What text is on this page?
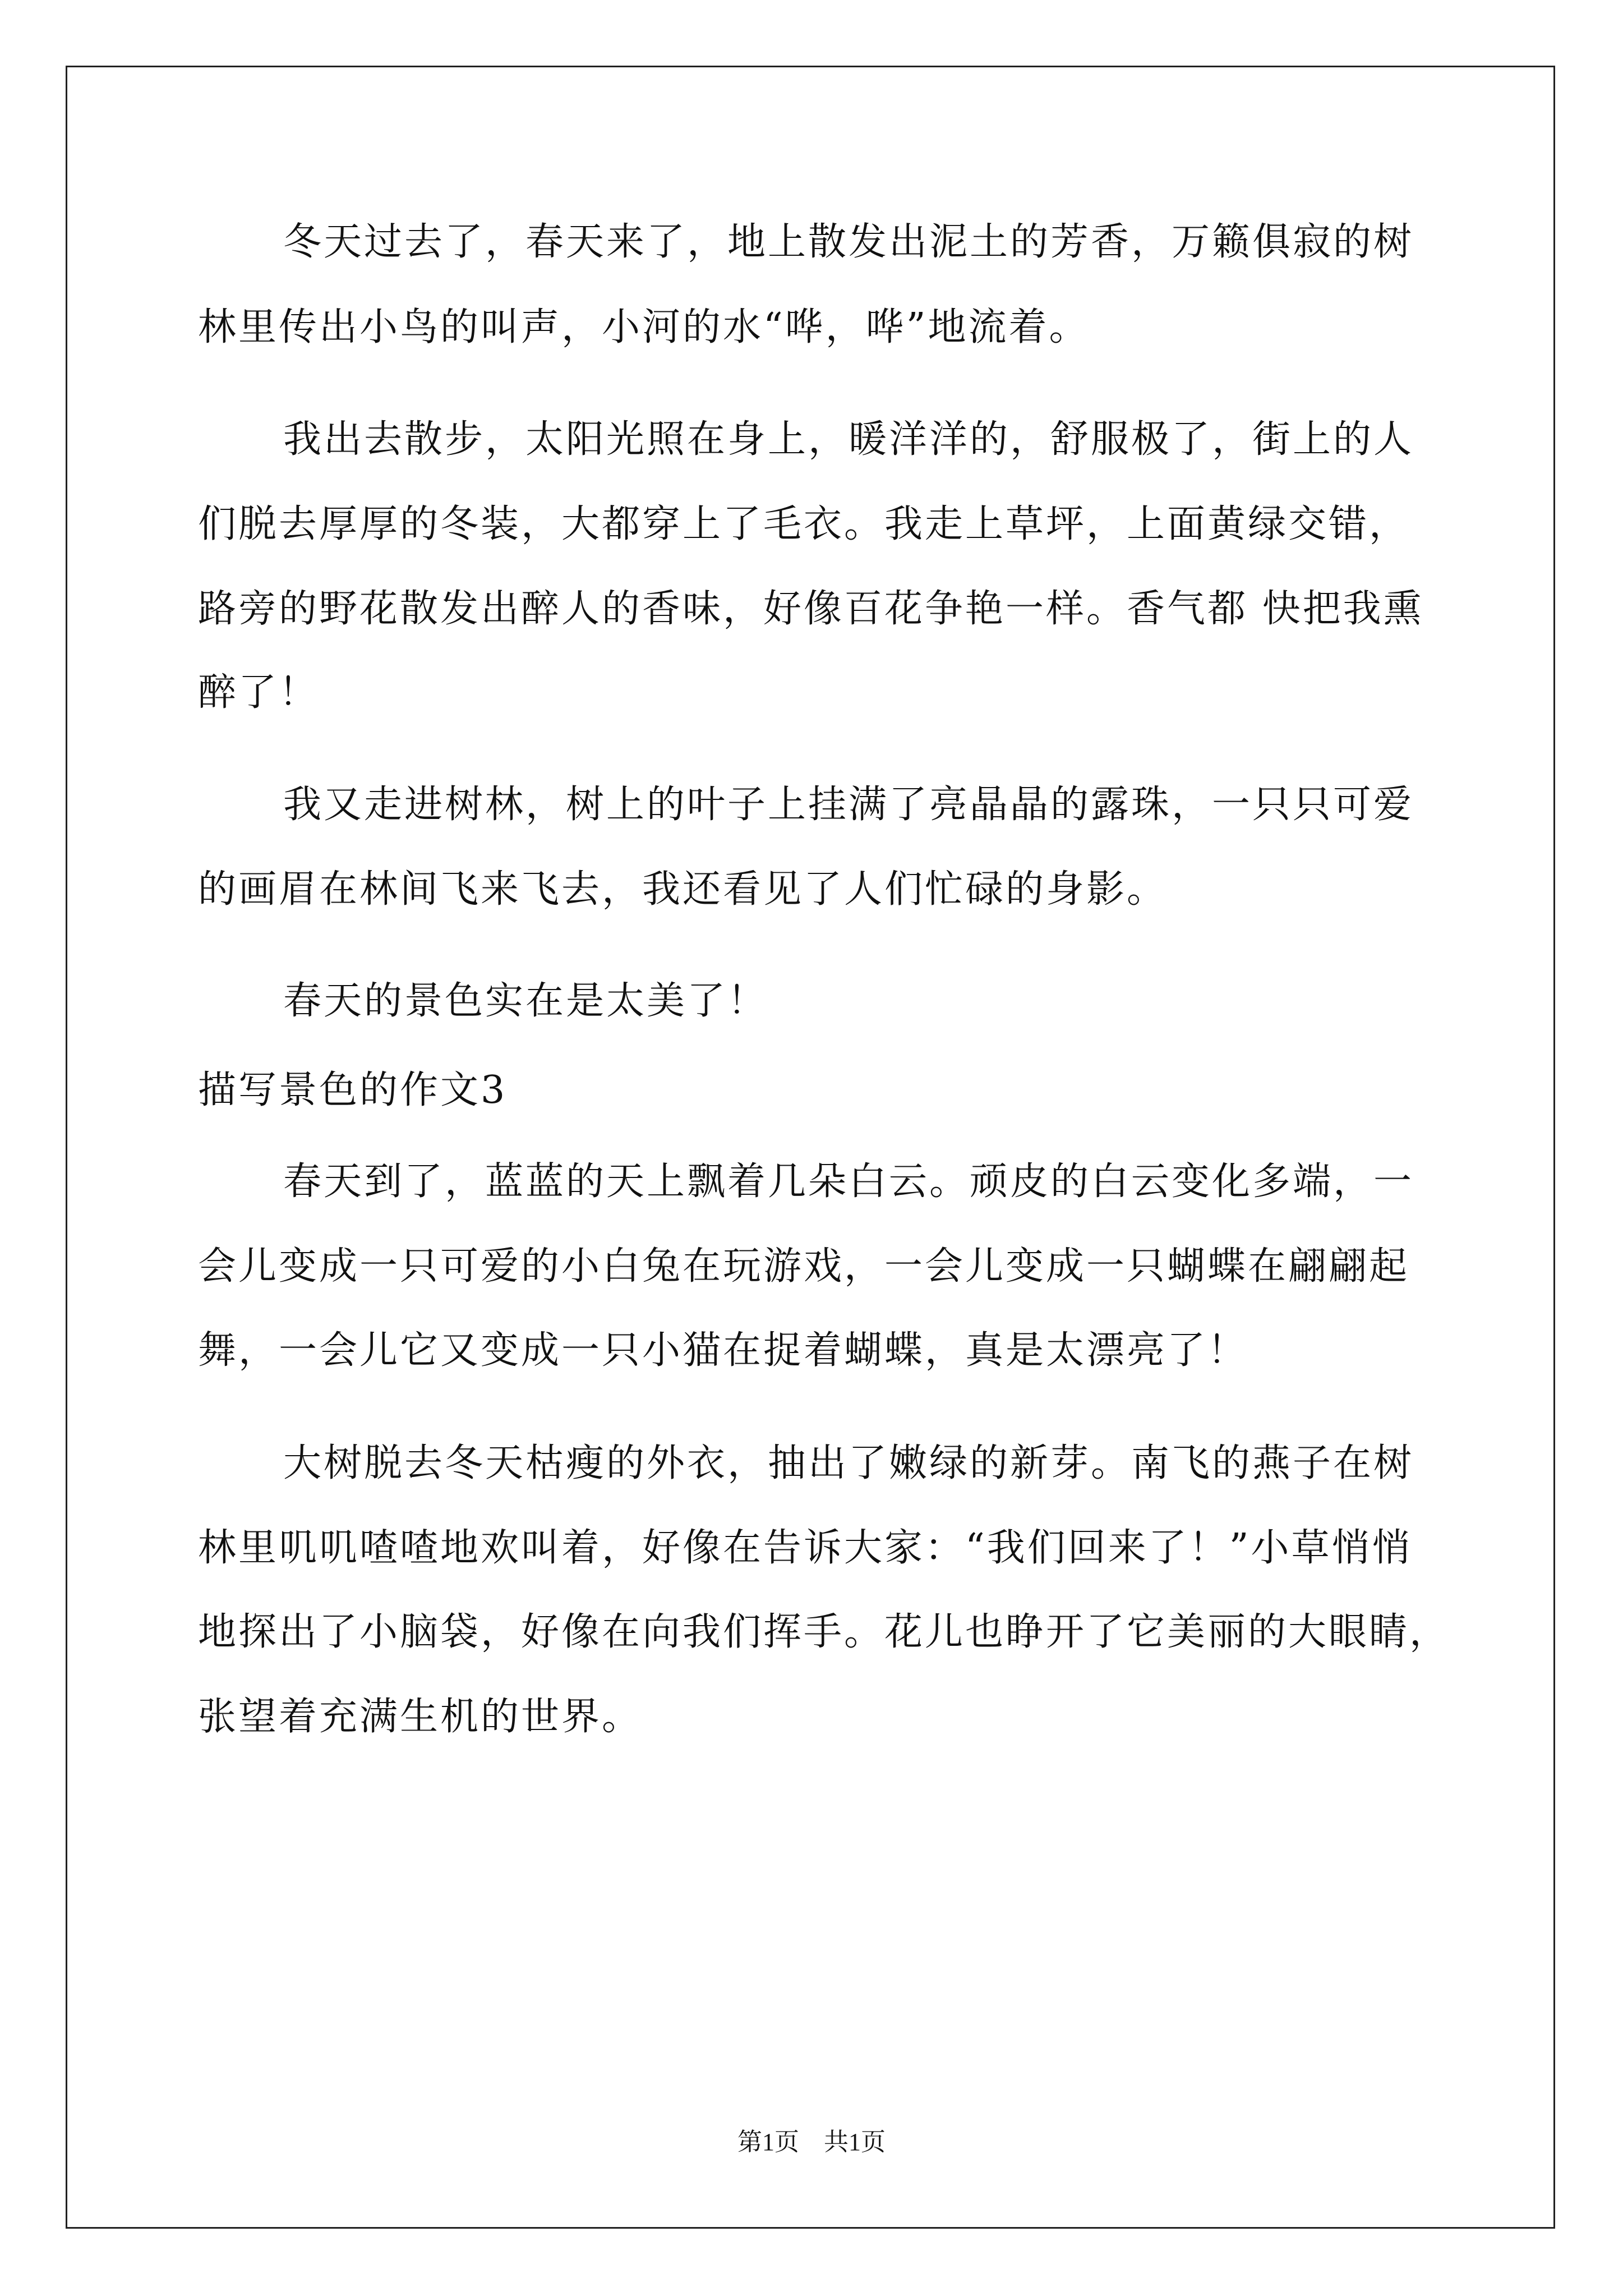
冬天过去了，春天来了，地上散发出泥土的芳香，万籁俱寂的树
林里传出小鸟的叫声，小河的水“哗，哗”地流着。
我出去散步，太阳光照在身上，暖洋洋的，舒服极了，街上的人
们脱去厚厚的冬装，大都穿上了毛衣。我走上草坪，上面黄绿交错，
路旁的野花散发出醉人的香味，好像百花争艳一样。香气都 快把我熏
醉了！
我又走进树林，树上的叶子上挂满了亮晶晶的露珠，一只只可爱
的画眉在林间飞来飞去，我还看见了人们忙碌的身影。
春天的景色实在是太美了！
描写景色的作文3
春天到了，蓝蓝的天上飘着几朵白云。顽皮的白云变化多端，一
会儿变成一只可爱的小白兔在玩游戏，一会儿变成一只蝴蝶在翩翩起
舞，一会儿它又变成一只小猫在捉着蝴蝶，真是太漂亮了！
大树脱去冬天枯瘦的外衣，抽出了嫩绿的新芽。南飞的燕子在树
林里叽叽喳喳地欢叫着，好像在告诉大家：“我们回来了！”小草悄悄
地探出了小脑袋，好像在向我们挥手。花儿也睁开了它美丽的大眼睛，
张望着充满生机的世界。
第1页　共1页
